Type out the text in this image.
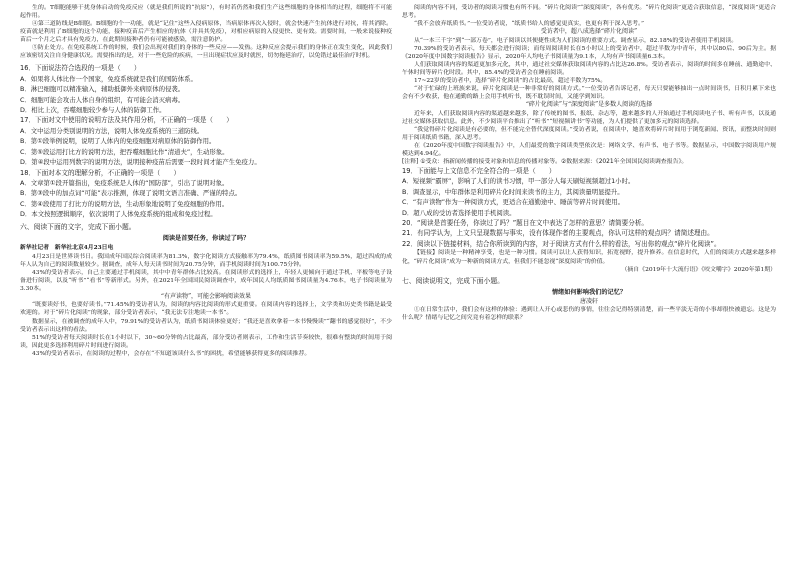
生的。T细胞能够干扰身体启动的免疫反应（就是我们所说的“抗原”），有时若仍然和我们生产这些细胞的身体相当的过程，细胞将不可能起作用。

④第三道防线是B细胞。B细胞的个一功能，就是“记住”这些入侵病原体，当病原体再次入侵时，就会快速产生抗体进行对抗，将其消除。疫苗就是利用了B细胞的这个功能，接种疫苗后产生相应的抗体（并具其免疫），对相应病原的入侵更快、更有效。需要时间，一般来说接种疫苗后一个月之后才具有免疫力，在此期间接种者仍有可能被感染，需注意防护。

⑤防止处方。在免疫系统工作的时候，我们会出现对我们的身体的一些反应——发热。这种反应会提示我们的身体正在发生变化，因此我们应该密切关注自身健康状况。需要指出的是，对于一些危险的疾病，一旦出现症状应及时就医，切勿拖延治疗，以免错过最佳治疗时机。

16．下面说法符合选段的一项是（　　）

A．如果将人体比作一个国家，免疫系统就是我们的国防体系。

B．淋巴细胞可以精准输入，辅助抵御外来病原体的侵袭。

C．细胞可能会攻击人体自身的组织，有可能会消灭病毒。

D．相比上次，吞噬细胞较少参与人体的防御工作。

17．下面对文中使用的说明方法及其作用分析，不正确的一项是（　　）

A．文中运用分类别说明的方法，说明人体免疫系统的三道防线。

B．第①段举例说明，说明了人体内的免疫细胞对病原体的防御作用。

C．第⑤段运用打比方的说明方法，把吞噬细胞比作“清道夫”，生动形象。

D．第④段中运用列数字的说明方法，说明接种疫苗后需要一段时间才能产生免疫力。

18．下面对本文的理解分析，不正确的一项是（　　）

A．文章第①段开篇指出，免疫系统是人体的“国防部”，引出了说明对象。

B．第③段中的加点词“可能”表示推测，体现了说明文语言准确、严谨的特点。

C．第④段使用了打比方的说明方法，生动形象地说明了免疫细胞的作用。

D．本文按照逻辑顺序，依次说明了人体免疫系统的组成和免疫过程。

六、阅读下面的文字，完成下面小题。

阅读是首要任务，你读过了吗？

新华社记者　新华社北京4月23日电

4月23日是世界读书日。我国成年国民综合阅读率为81.3%，数字化阅读方式接触率为79.4%，纸质图书阅读率为59.5%，超过四成的成年人认为自己的阅读数量较少。据调查，成年人每天读书时间为20.75分钟，而手机阅读时间为100.75分钟。

43%的受访者表示，自己主要通过手机阅读，其中中青年群体占比较高。在阅读形式的选择上，年轻人更倾向于通过手机、平板等电子设备进行阅读，以及“听书”“看书”等新形式。另外，在2021年全国国民阅读调查中，成年国民人均纸质图书阅读量为4.76本，电子书阅读量为3.30本。

“有声读物”，可能会影响阅读效果

“既要读好书，也要好读书。”71.45%的受访者认为，阅读的内容比阅读的形式更重要。在阅读内容的选择上，文学类和历史类书籍是最受欢迎的。对于“碎片化阅读”的现象，部分受访者表示，“我无法专注地读一本书”。

数据显示，在被调查的成年人中，79.91%的受访者认为，纸质书阅读体验更好；“我还是喜欢拿着一本书慢慢读”“翻书的感觉很好”，不少受访者表示出这样的看法。

51%的受访者每天阅读时长在1小时以下，30~60分钟的占比最高，部分受访者则表示，工作和生活节奏较快，很难有整块的时间用于阅读，因此更多选择利用碎片时间进行阅读。

43%的受访者表示，在阅读的过程中，会存在“不知道该读什么书”的困扰，希望能够获得更多的阅读推荐。

阅读的内容不同，受访者的阅读习惯也有所不同。“碎片化阅读”“深度阅读”，各有优劣。“碎片化阅读”更适合获取信息，“深度阅读”更适合思考。

“我不会放弃纸质书。”一位受访者说，“纸质书给人的感觉更真实，也更有利于深入思考。”

受访者中，超八成选择“碎片化阅读”

从“一本三千字”到“一部万卷”，电子阅读以其便捷性成为人们阅读的重要方式。调查显示，82.18%的受访者使用手机阅读。

70.39%的受访者表示，每天都会进行阅读；而每周阅读时长在5小时以上的受访者中，超过半数为中青年，其中以80后、90后为主。据《2020年度中国数字阅读报告》显示，2020年人均电子书阅读量为9.1本，人均有声书阅读量6.3本。

人们获取阅读内容的渠道更加多元化，其中，通过社交媒体获取阅读内容的占比达26.8%。受访者表示，阅读的时间多在睡前、通勤途中、午休时间等碎片化时段。其中，85.4%的受访者会在睡前阅读。

17~22岁的受访者中，选择“碎片化阅读”的占比最高，超过半数为75%。

“对于忙碌的上班族来说，碎片化阅读是一种非常好的阅读方式。”一位受访者告诉记者，每天只要能够抽出一点时间读书，日积月累下来也会有不少收获，他在通勤的路上会用手机听书，既不耽误时间，又能学到知识。

“碎片化阅读”与“深度阅读”是多数人阅读的选择

近年来，人们获取阅读内容的渠道越来越多，除了传统的图书、报纸、杂志等，越来越多的人开始通过手机阅读电子书、听有声书，以及通过社交媒体获取信息。此外，不少阅读平台推出了“听书”“短视频讲书”等功能，为人们提供了更加多元的阅读选择。

“我觉得碎片化阅读是有必要的，但不能完全替代深度阅读。”受访者说，在阅读中，她喜欢将碎片时间用于浏览新闻、资讯，而整块时间则用于阅读纸质书籍，深入思考。

在《2020年度中国数字阅读报告》中，人们最爱的数字阅读类型依次是：网络文学、有声书、电子书等。数据显示，中国数字阅读用户规模达到4.94亿。

[注释] ①受众：指新闻传播的接受对象和信息的传播对象等。②数据来源：《2021年全国国民阅读调查报告》。

19．下面能与上文信息不完全符合的一项是（　　）

A．短视频“霸屏”，影响了人们的读书习惯，甲一部分人每天刷短视频超过1小时。

B．调查显示，中年群体是利用碎片化时间来读书的主力，其阅读量明显提升。

C．“有声读物”作为一种阅读方式，更适合在通勤途中、睡前等碎片时间使用。

D．超八成的受访者选择使用手机阅读。

20．“阅读是首要任务，你读过了吗？”题目在文中表达了怎样的意思？请简要分析。

21．有同学认为，上文只呈现数据与事实，没有体现作者的主要观点，你认可这样的观点吗？请简述理由。

22．阅读以下链接材料，结合你所读到的内容，对于阅读方式有什么样的看法，写出你的观点“碎片化阅读”。

【链接】阅读是一种精神享受，也是一种习惯。阅读可以让人获得知识，拓宽视野，提升修养。在信息时代，人们的阅读方式越来越多样化，“碎片化阅读”成为一种新的阅读方式，但我们不能忽视“深度阅读”的价值。

（摘自《2019年十大流行语》《咬文嚼字》2020年第1期）

七、阅读说明文，完成下面小题。

情绪如何影响我们的记忆？

唐凌轩

①在日常生活中，我们会有这样的体验：遇到让人开心或悲伤的事情，往往会记得特别清楚，而一些平淡无奇的小事却很快被遗忘。这是为什么呢？情绪与记忆之间究竟有着怎样的联系？
